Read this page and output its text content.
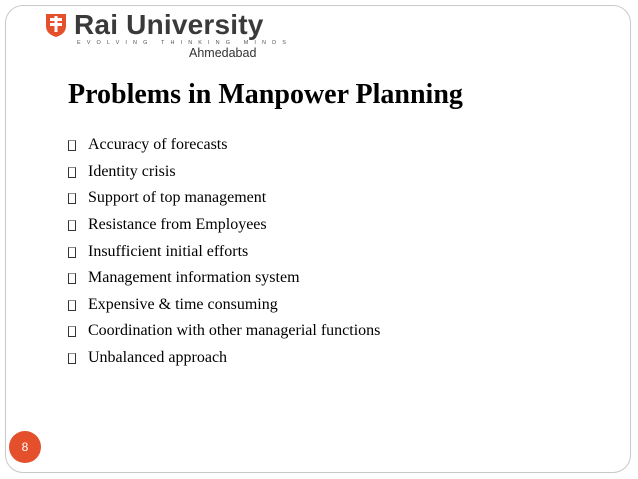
Rai University
EVOLVING THINKING MINDS
Ahmedabad
Problems in Manpower Planning
Accuracy of forecasts
Identity crisis
Support of top management
Resistance from Employees
Insufficient initial efforts
Management information system
Expensive & time consuming
Coordination with other managerial functions
Unbalanced approach
8
